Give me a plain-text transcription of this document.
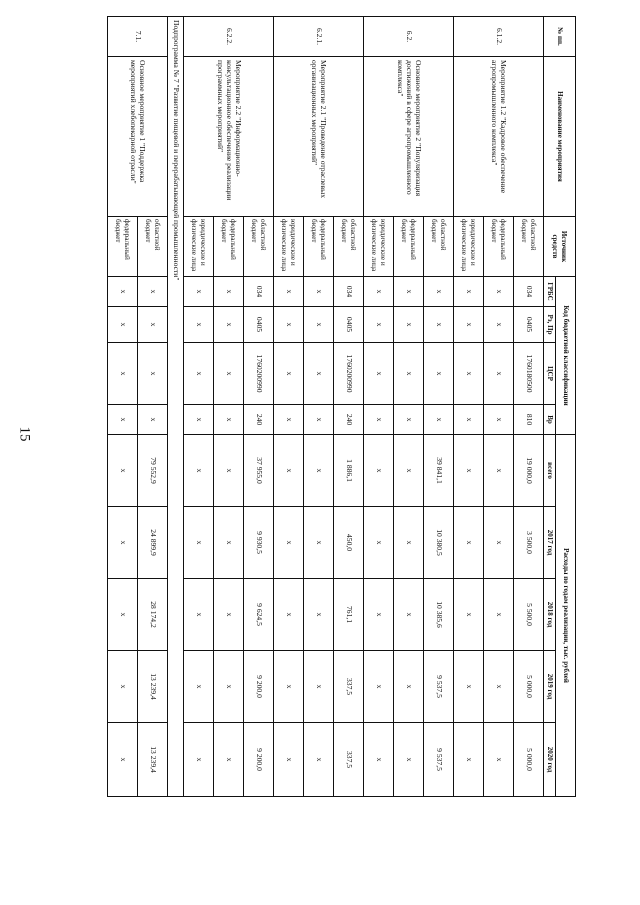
15
№ пп.	Наименование мероприятия	Источник средств	Код бюджетной классификации				Расходы по годам реализации, тыс. рублей				
			ГРБС	Рз, Пр	ЦСР	Вр	всего	2017 год	2018 год	2019 год	2020 год
6.1.2.	Мероприятие 1.2 "Кадровое обеспечение агропромышленного комплекса"	областной бюджет	034	0405	1760180500	810	19 000,0	3 500,0	5 500,0	5 000,0	5 000,0
		федеральный бюджет	х	х	х	х	х	х	х	х	х
		юридические и физические лица	х	х	х	х	х	х	х	х	х
6.2.	Основное мероприятие 2 "Популяризация достижений в сфере агропромышленного комплекса"	областной бюджет	х	х	х	х	39 841,1	10 380,5	10 385,6	9 537,5	9 537,5
		федеральный бюджет	х	х	х	х	х	х	х	х	х
		юридические и физические лица	х	х	х	х	х	х	х	х	х
6.2.1.	Мероприятие 2.1 "Проведение отраслевых организационных мероприятий"	областной бюджет	034	0405	1760200990	240	1 886,1	450,0	761,1	337,5	337,5
		федеральный бюджет	х	х	х	х	х	х	х	х	х
		юридические и физические лица	х	х	х	х	х	х	х	х	х
6.2.2.	Мероприятие 2.2 "Информационно-консультационное обеспечение реализации программных мероприятий"	областной бюджет	034	0405	1760200990	240	37 955,0	9 930,5	9 624,5	9 200,0	9 200,0
		федеральный бюджет	х	х	х	х	х	х	х	х	х
		юридические и физические лица	х	х	х	х	х	х	х	х	х
Подпрограмма № 7 "Развитие пищевой и перерабатывающей промышленности"											
7.1.	Основное мероприятие 1 "Поддержка мероприятий хлебопекарной отрасли"	областной бюджет	х	х	х	х	79 552,9	24 899,9	28 174,2	13 239,4	13 239,4
		федеральный бюджет	х	х	х	х	х	х	х	х	х
